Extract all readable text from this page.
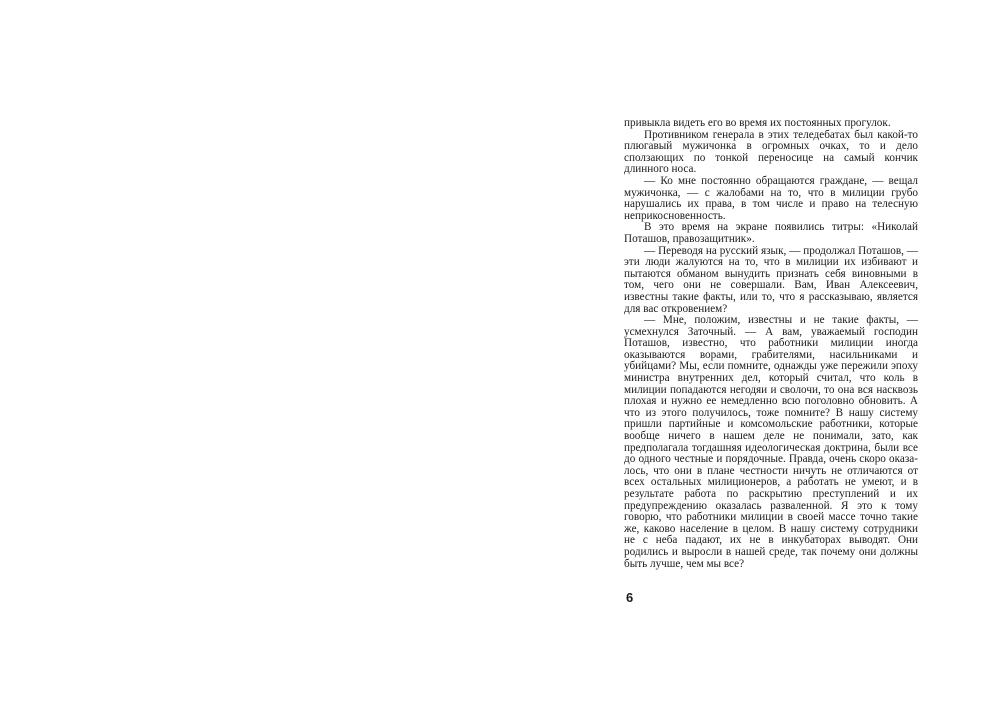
привыкла видеть его во время их постоянных прогулок.

Противником генерала в этих теледебатах был какой-то плюгавый мужичонка в огромных очках, то и дело сползающих по тонкой переносице на самый кончик длинного носа.

— Ко мне постоянно обращаются граждане, — вещал мужичонка, — с жалобами на то, что в милиции грубо нарушались их права, в том числе и право на телесную неприкосновенность.

В это время на экране появились титры: «Николай Поташов, правозащитник».

— Переводя на русский язык, — продолжал Поташов, — эти люди жалуются на то, что в милиции их избивают и пытаются обманом вынудить признать себя виновными в том, чего они не совершали. Вам, Иван Алексеевич, известны такие факты, или то, что я рассказываю, является для вас откровением?

— Мне, положим, известны и не такие факты, — усмехнулся Заточный. — А вам, уважаемый господин Поташов, известно, что работники милиции иногда оказываются ворами, грабителями, насильниками и убийцами? Мы, если помните, однажды уже пережили эпоху министра внутренних дел, который считал, что коль в милиции попадаются негодяи и сволочи, то она вся насквозь плохая и нужно ее немедленно всю поголовно обновить. А что из этого получилось, тоже помните? В нашу систему пришли партийные и комсомольские работники, которые вообще ничего в нашем деле не понимали, зато, как предполагала тогдашняя идеологическая доктрина, были все до одного честные и порядочные. Правда, очень скоро оказалось, что они в плане честности ничуть не отличаются от всех остальных милиционеров, а работать не умеют, и в результате работа по раскрытию преступлений и их предупреждению оказалась развалeнной. Я это к тому говорю, что работники милиции в своей массе точно такие же, каково население в целом. В нашу систему сотрудники не с неба падают, их не в инкубаторах выводят. Они родились и выросли в нашей среде, так почему они должны быть лучше, чем мы все?

6
